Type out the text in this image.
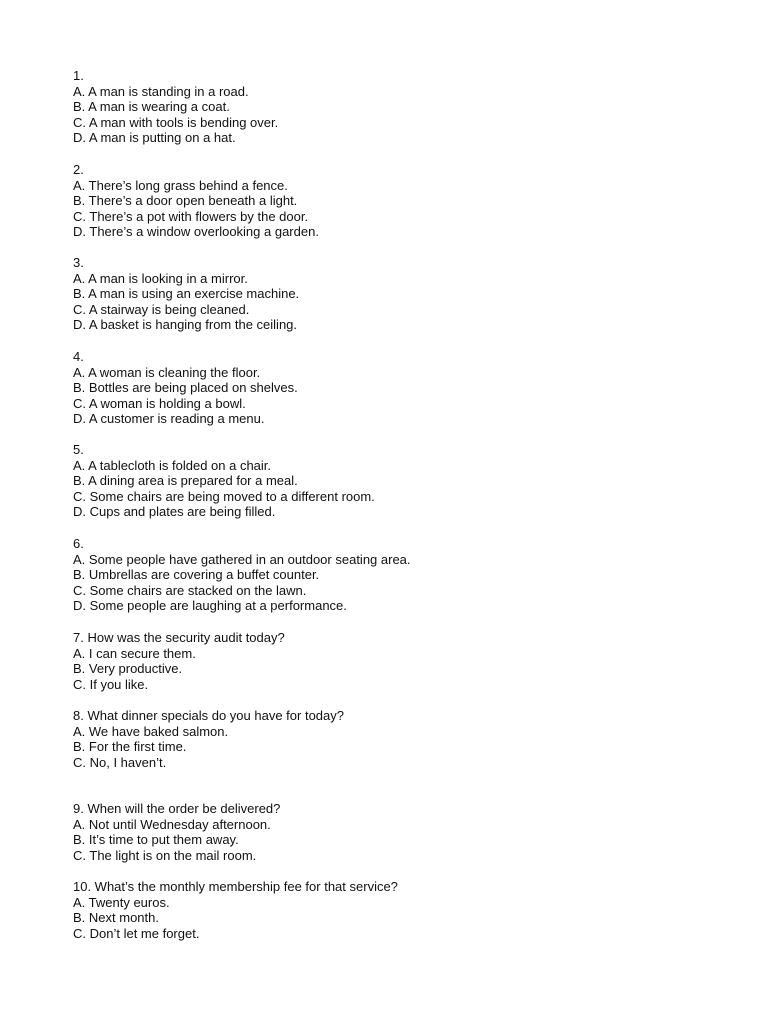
1.
A. A man is standing in a road.
B. A man is wearing a coat.
C. A man with tools is bending over.
D. A man is putting on a hat.
2.
A. There’s long grass behind a fence.
B. There’s a door open beneath a light.
C. There’s a pot with flowers by the door.
D. There’s a window overlooking a garden.
3.
A. A man is looking in a mirror.
B. A man is using an exercise machine.
C. A stairway is being cleaned.
D. A basket is hanging from the ceiling.
4.
A. A woman is cleaning the floor.
B. Bottles are being placed on shelves.
C. A woman is holding a bowl.
D. A customer is reading a menu.
5.
A. A tablecloth is folded on a chair.
B. A dining area is prepared for a meal.
C. Some chairs are being moved to a different room.
D. Cups and plates are being filled.
6.
A. Some people have gathered in an outdoor seating area.
B. Umbrellas are covering a buffet counter.
C. Some chairs are stacked on the lawn.
D. Some people are laughing at a performance.
7. How was the security audit today?
A. I can secure them.
B. Very productive.
C. If you like.
8. What dinner specials do you have for today?
A. We have baked salmon.
B. For the first time.
C. No, I haven’t.
9. When will the order be delivered?
A. Not until Wednesday afternoon.
B. It’s time to put them away.
C. The light is on the mail room.
10. What’s the monthly membership fee for that service?
A. Twenty euros.
B. Next month.
C. Don’t let me forget.
